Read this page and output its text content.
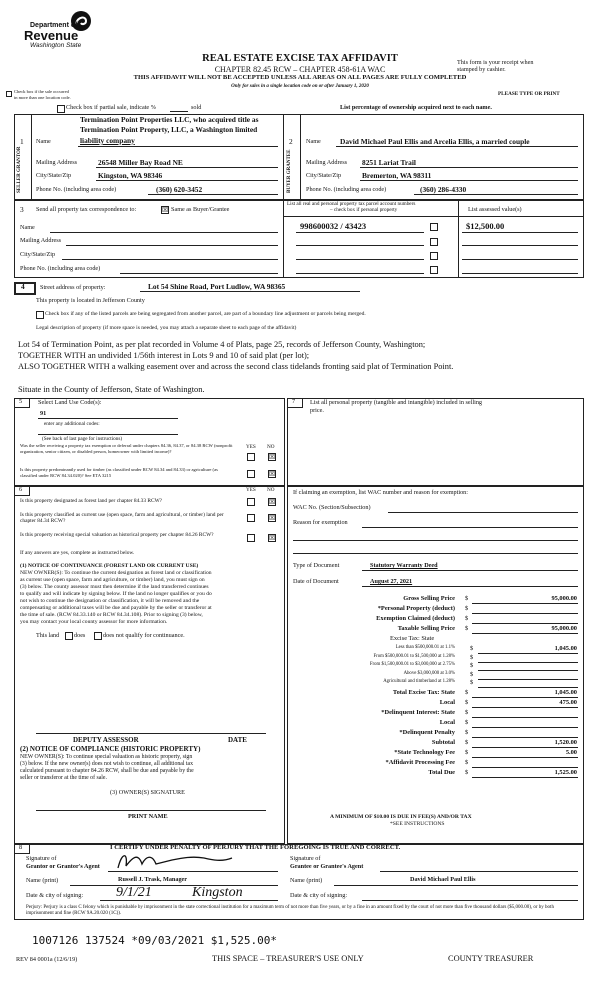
Department of
Revenue
Washington State
REAL ESTATE EXCISE TAX AFFIDAVIT
CHAPTER 82.45 RCW – CHAPTER 458-61A WAC
THIS AFFIDAVIT WILL NOT BE ACCEPTED UNLESS ALL AREAS ON ALL PAGES ARE FULLY COMPLETED
Only for sales in a single location code on or after January 1, 2020
This form is your receipt when
stamped by cashier.
PLEASE TYPE OR PRINT
Check box if the sale occurred
in more than one location code.
Check box if partial sale, indicate %	sold	List percentage of ownership acquired next to each name.
1 Name
Termination Point Properties LLC, who acquired title as
Termination Point Property, LLC, a Washington limited
liability company
SELLER GRANTOR Mailing Address	26548 Miller Bay Road NE
City/State/Zip	Kingston, WA 98346
Phone No. (including area code)	(360) 620-3452
2 Name	David Michael Paul Ellis and Arcelia Ellis, a married couple
BUYER GRANTEE Mailing Address 8251 Lariat Trail
City/State/Zip	Bremerton, WA 98311
Phone No. (including area code)	(360) 286-4330
3 Send all property tax correspondence to:	☒ Same as Buyer/Grantee
Name
Mailing Address
City/State/Zip
Phone No. (including area code)
List all real and personal property tax parcel account numbers
– check box if personal property	List assessed value(s)
998600032 / 43423	$12,500.00
4 Street address of property:	Lot 54 Shine Road, Port Ludlow, WA 98365
This property is located in Jefferson County
Check box if any of the listed parcels are being segregated from another parcel, are part of a boundary line adjustment or parcels being merged.
Legal description of property (if more space is needed, you may attach a separate sheet to each page of the affidavit)
Lot 54 of Termination Point, as per plat recorded in Volume 4 of Plats, page 25, records of Jefferson County, Washington;
TOGETHER WITH an undivided 1/56th interest in Lots 9 and 10 of said plat (per lot);
ALSO TOGETHER WITH a walking easement over and across the second class tidelands fronting said plat of Termination Point.
Situate in the County of Jefferson, State of Washington.
5	Select Land Use Code(s):
91
enter any additional codes:
(See back of last page for instructions)
YES NO
Was the seller receiving a property tax exemption or deferral under chapters 84.36, 84.37, or 84.38 RCW (nonprofit organization, senior citizen, or disabled person, homeowner with limited income)?
☒
Is this property predominantly used for timber (as classified under RCW 84.34 and 84.33) or agriculture (as classified under RCW 84.34.020)? See ETA 3215	☒
7 List all personal property (tangible and intangible) included in selling
price.
6	YES NO
Is this property designated as forest land per chapter 84.33 RCW?	☒
Is this property classified as current use (open space, farm and agricultural, or timber) land per chapter 84.34 RCW?	☒
Is this property receiving special valuation as historical property per chapter 84.26 RCW?	☒
If any answers are yes, complete as instructed below.
(1) NOTICE OF CONTINUANCE (FOREST LAND OR CURRENT USE)
NEW OWNER(S): To continue the current designation as forest land or classification
as current use (open space, farm and agriculture, or timber) land, you must sign on
(3) below. The county assessor must then determine if the land transferred continues
to qualify and will indicate by signing below. If the land no longer qualifies or you do
not wish to continue the designation or classification, it will be removed and the
compensating or additional taxes will be due and payable by the seller or transferor at
the time of sale. (RCW 84.33.140 or RCW 84.34.108). Prior to signing (3) below,
you may contact your local county assessor for more information.
This land does	does not qualify for continuance.
DEPUTY ASSESSOR	DATE
(2) NOTICE OF COMPLIANCE (HISTORIC PROPERTY)
NEW OWNER(S): To continue special valuation as historic property, sign
(3) below. If the new owner(s) does not wish to continue, all additional tax
calculated pursuant to chapter 84.26 RCW, shall be due and payable by the
seller or transferor at the time of sale.
(3) OWNER(S) SIGNATURE
PRINT NAME
If claiming an exemption, list WAC number and reason for exemption:
WAC No. (Section/Subsection)
Reason for exemption
Type of Document	Statutory Warranty Deed
Date of Document	August 27, 2021
Gross Selling Price $	95,000.00
*Personal Property (deduct) $
Exemption Claimed (deduct) $
Taxable Selling Price $	95,000.00
Excise Tax: State
Less than $500,000.01 at 1.1% $	1,045.00
From $500,000.01 to $1,500,000 at 1.28% $
From $1,500,000.01 to $3,000,000 at 2.75% $
Above $3,000,000 at 3.0% $
Agricultural and timberland at 1.28% $
Total Excise Tax: State $	1,045.00
Local $	475.00
*Delinquent Interest: State $
Local $
*Delinquent Penalty $
Subtotal $	1,520.00
*State Technology Fee $	5.00
*Affidavit Processing Fee $
Total Due $	1,525.00
A MINIMUM OF $10.00 IS DUE IN FEE(S) AND/OR TAX
*SEE INSTRUCTIONS
8	I CERTIFY UNDER PENALTY OF PERJURY THAT THE FOREGOING IS TRUE AND CORRECT.
Signature of
Grantor or Grantor's Agent
Signature of
Grantee or Grantee's Agent
Name (print)	Russell J. Trask, Manager	Name (print)	David Michael Paul Ellis
Date & city of signing: 9/1/21	Kingston	Date & city of signing:
Perjury: Perjury is a class C felony which is punishable by imprisonment in the state correctional institution for a maximum term of not more than five years, or by a fine in an amount fixed by the court of not more than five thousand dollars ($5,000.00), or by both imprisonment and fine (RCW 9A.20.020 (1C)).
1007126 137524 *09/03/2021 $1,525.00*
REV 84 0001a (12/6/19)	THIS SPACE – TREASURER'S USE ONLY	COUNTY TREASURER
